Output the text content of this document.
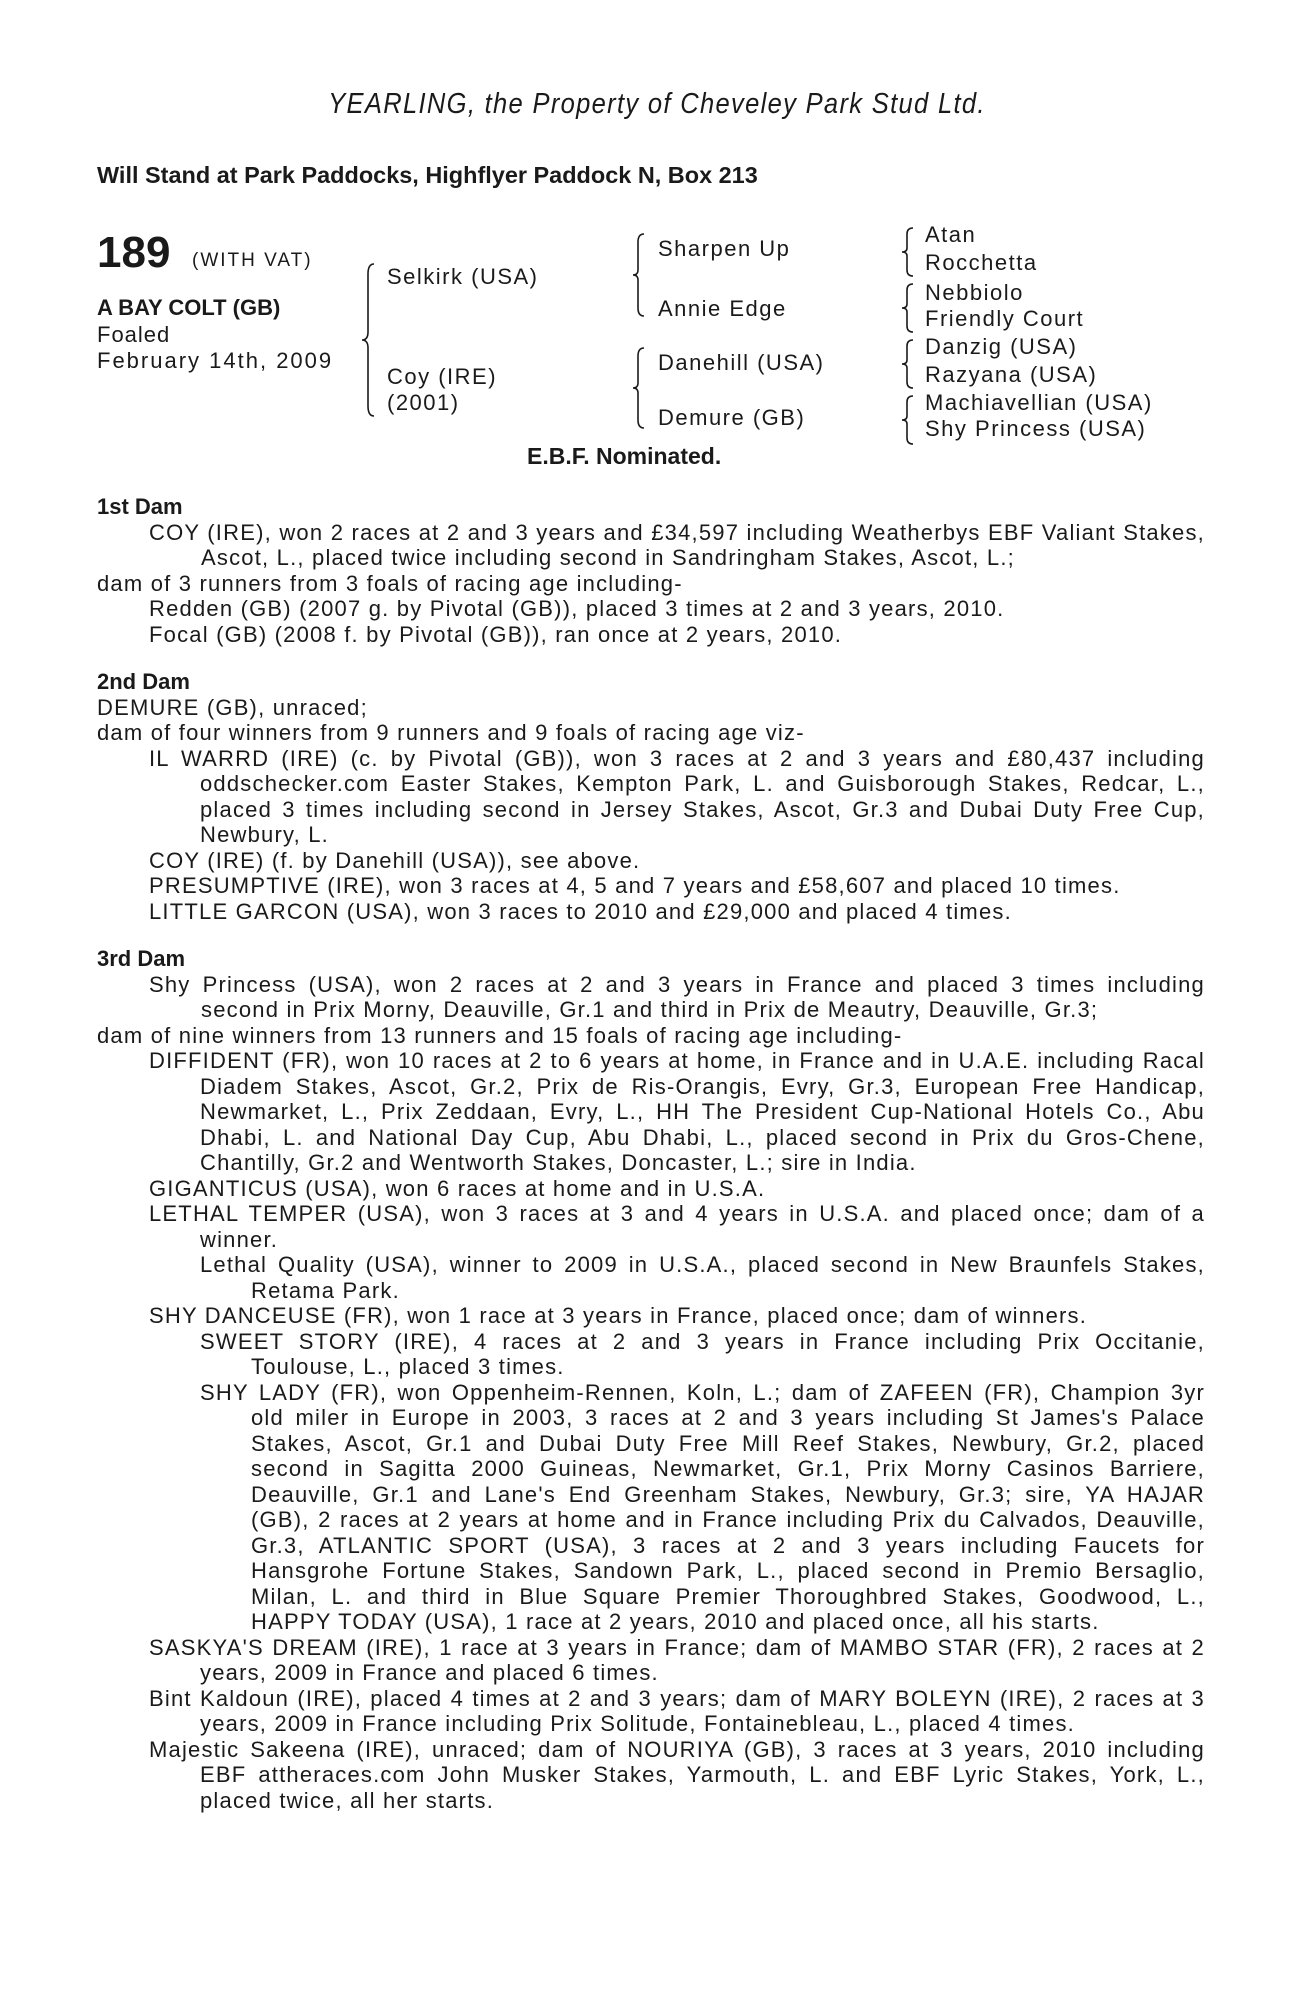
YEARLING, the Property of Cheveley Park Stud Ltd.
Will Stand at Park Paddocks, Highflyer Paddock N, Box 213
189 (WITH VAT)
A BAY COLT (GB)
Foaled
February 14th, 2009
Selkirk (USA)
Coy (IRE)
(2001)
Sharpen Up
Annie Edge
Danehill (USA)
Demure (GB)
Atan
Rocchetta
Nebbiolo
Friendly Court
Danzig (USA)
Razyana (USA)
Machiavellian (USA)
Shy Princess (USA)
E.B.F. Nominated.

1st Dam

COY (IRE), won 2 races at 2 and 3 years and £34,597 including Weatherbys EBF Valiant Stakes, Ascot, L., placed twice including second in Sandringham Stakes, Ascot, L.;

dam of 3 runners from 3 foals of racing age including-

Redden (GB) (2007 g. by Pivotal (GB)), placed 3 times at 2 and 3 years, 2010.

Focal (GB) (2008 f. by Pivotal (GB)), ran once at 2 years, 2010.

2nd Dam

DEMURE (GB), unraced;

dam of four winners from 9 runners and 9 foals of racing age viz-

IL WARRD (IRE) (c. by Pivotal (GB)), won 3 races at 2 and 3 years and £80,437 including oddschecker.com Easter Stakes, Kempton Park, L. and Guisborough Stakes, Redcar, L., placed 3 times including second in Jersey Stakes, Ascot, Gr.3 and Dubai Duty Free Cup, Newbury, L.

COY (IRE) (f. by Danehill (USA)), see above.

PRESUMPTIVE (IRE), won 3 races at 4, 5 and 7 years and £58,607 and placed 10 times.

LITTLE GARCON (USA), won 3 races to 2010 and £29,000 and placed 4 times.

3rd Dam

Shy Princess (USA), won 2 races at 2 and 3 years in France and placed 3 times including second in Prix Morny, Deauville, Gr.1 and third in Prix de Meautry, Deauville, Gr.3;

dam of nine winners from 13 runners and 15 foals of racing age including-

DIFFIDENT (FR), won 10 races at 2 to 6 years at home, in France and in U.A.E. including Racal Diadem Stakes, Ascot, Gr.2, Prix de Ris-Orangis, Evry, Gr.3, European Free Handicap, Newmarket, L., Prix Zeddaan, Evry, L., HH The President Cup-National Hotels Co., Abu Dhabi, L. and National Day Cup, Abu Dhabi, L., placed second in Prix du Gros-Chene, Chantilly, Gr.2 and Wentworth Stakes, Doncaster, L.; sire in India.

GIGANTICUS (USA), won 6 races at home and in U.S.A.

LETHAL TEMPER (USA), won 3 races at 3 and 4 years in U.S.A. and placed once; dam of a winner.

Lethal Quality (USA), winner to 2009 in U.S.A., placed second in New Braunfels Stakes, Retama Park.

SHY DANCEUSE (FR), won 1 race at 3 years in France, placed once; dam of winners.

SWEET STORY (IRE), 4 races at 2 and 3 years in France including Prix Occitanie, Toulouse, L., placed 3 times.

SHY LADY (FR), won Oppenheim-Rennen, Koln, L.; dam of ZAFEEN (FR), Champion 3yr old miler in Europe in 2003, 3 races at 2 and 3 years including St James's Palace Stakes, Ascot, Gr.1 and Dubai Duty Free Mill Reef Stakes, Newbury, Gr.2, placed second in Sagitta 2000 Guineas, Newmarket, Gr.1, Prix Morny Casinos Barriere, Deauville, Gr.1 and Lane's End Greenham Stakes, Newbury, Gr.3; sire, YA HAJAR (GB), 2 races at 2 years at home and in France including Prix du Calvados, Deauville, Gr.3, ATLANTIC SPORT (USA), 3 races at 2 and 3 years including Faucets for Hansgrohe Fortune Stakes, Sandown Park, L., placed second in Premio Bersaglio, Milan, L. and third in Blue Square Premier Thoroughbred Stakes, Goodwood, L., HAPPY TODAY (USA), 1 race at 2 years, 2010 and placed once, all his starts.

SASKYA'S DREAM (IRE), 1 race at 3 years in France; dam of MAMBO STAR (FR), 2 races at 2 years, 2009 in France and placed 6 times.

Bint Kaldoun (IRE), placed 4 times at 2 and 3 years; dam of MARY BOLEYN (IRE), 2 races at 3 years, 2009 in France including Prix Solitude, Fontainebleau, L., placed 4 times.

Majestic Sakeena (IRE), unraced; dam of NOURIYA (GB), 3 races at 3 years, 2010 including EBF attheraces.com John Musker Stakes, Yarmouth, L. and EBF Lyric Stakes, York, L., placed twice, all her starts.
